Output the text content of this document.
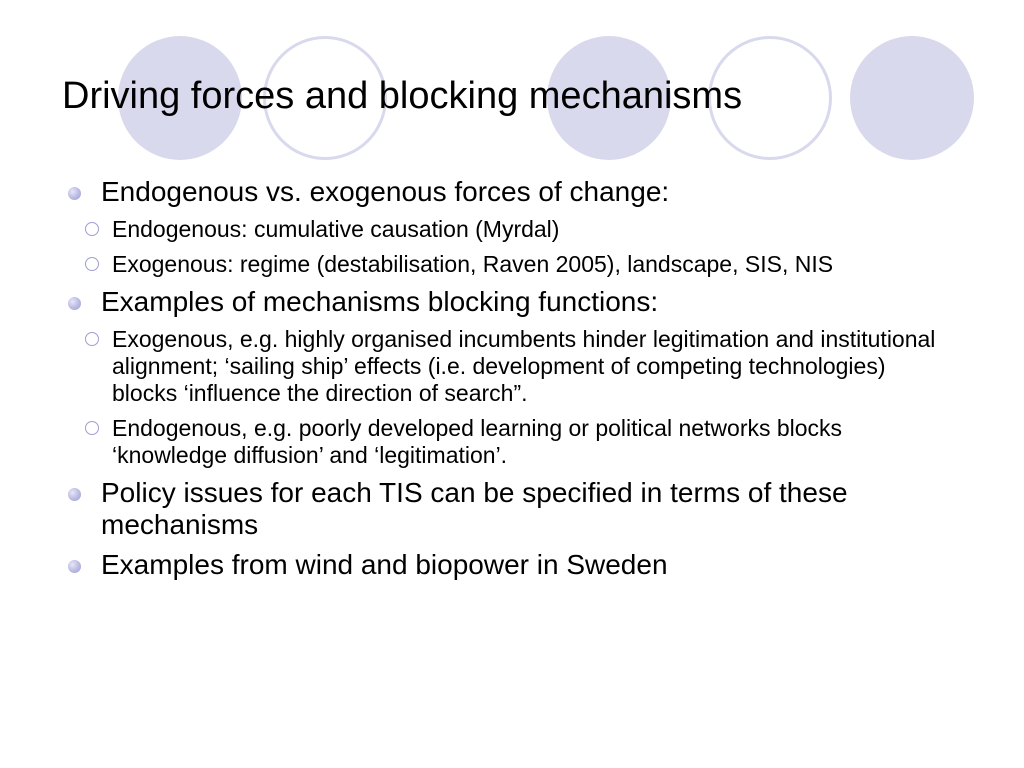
Driving forces and blocking mechanisms
Endogenous vs. exogenous forces of change:
Endogenous: cumulative causation (Myrdal)
Exogenous: regime (destabilisation, Raven 2005), landscape, SIS, NIS
Examples of mechanisms blocking functions:
Exogenous, e.g. highly organised incumbents hinder legitimation and institutional alignment; ‘sailing ship’ effects (i.e. development of competing technologies) blocks ‘influence the direction of search”.
Endogenous, e.g. poorly developed learning or political networks blocks ‘knowledge diffusion’ and ‘legitimation’.
Policy issues for each TIS can be specified in terms of these mechanisms
Examples from wind and biopower in Sweden
